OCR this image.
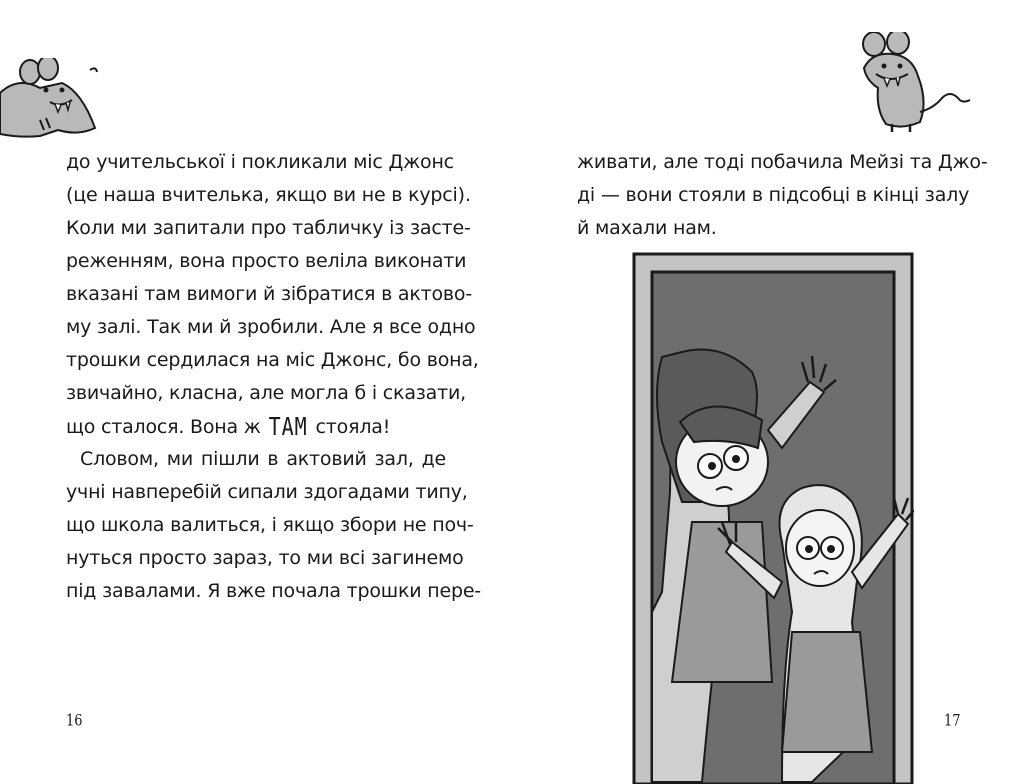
до учительської і покликали міс Джонс
(це наша вчителька, якщо ви не в курсі).
Коли ми запитали про табличку із засте-
реженням, вона просто веліла виконати
вказані там вимоги й зібратися в актово-
му залі. Так ми й зробили. Але я все одно
трошки сердилася на міс Джонс, бо вона,
звичайно, класна, але могла б і сказати,
що сталося. Вона ж ТАМ стояла!
Словом, ми пішли в актовий зал, де
учні навперебій сипали здогадами типу,
що школа валиться, і якщо збори не поч-
нуться просто зараз, то ми всі загинемо
під завалами. Я вже почала трошки пере-
16
живати, але тоді побачила Мейзі та Джо-
ді — вони стояли в підсобці в кінці залу
й махали нам.
17
